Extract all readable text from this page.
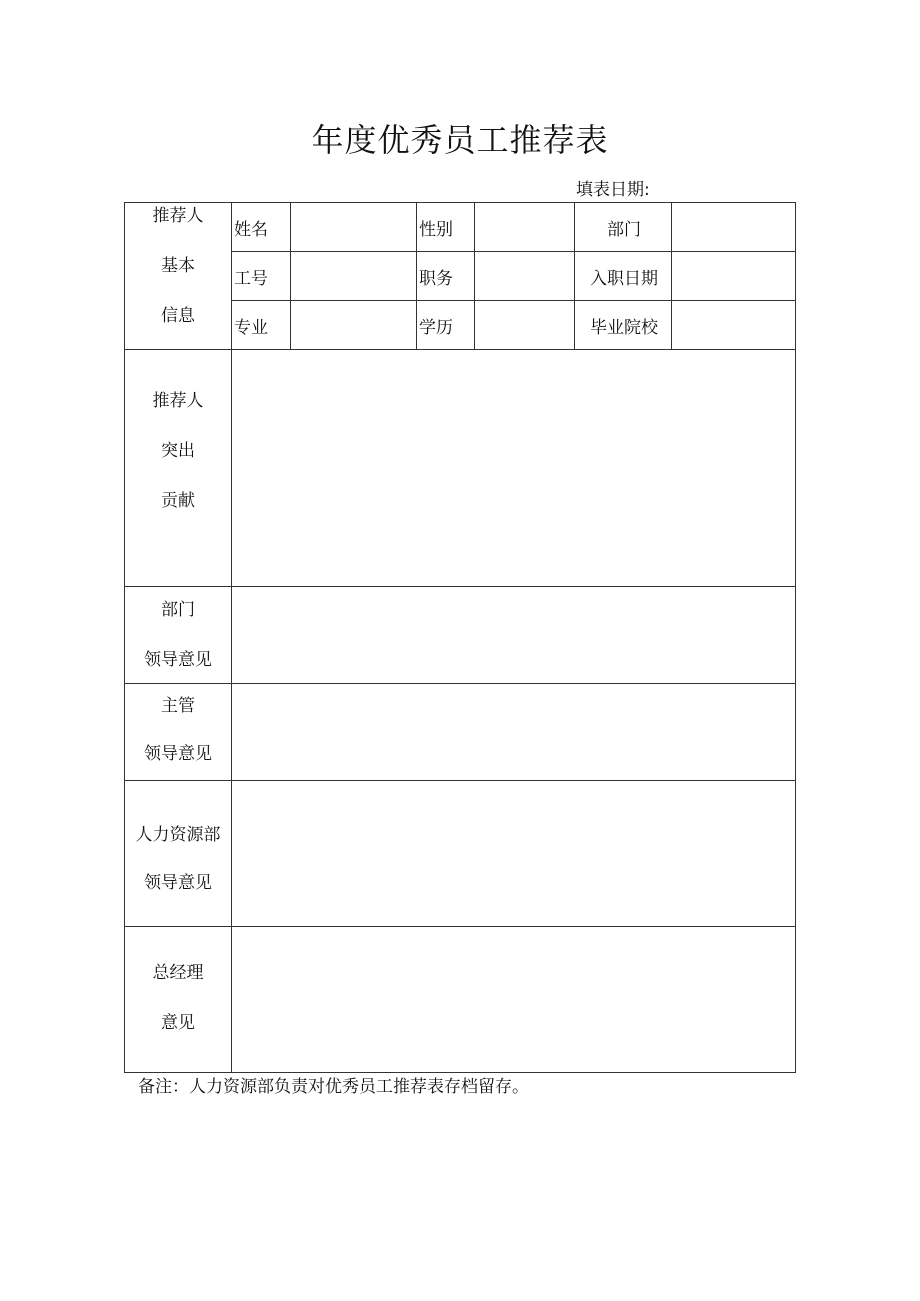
年度优秀员工推荐表
填表日期:
推荐人
基本
信息	姓名		性别		部门	
	工号		职务		入职日期	
	专业		学历		毕业院校	

推荐人
突出
贡献						

部门
领导意见						

主管
领导意见						

人力资源部
领导意见						

总经理
意见						

备注：人力资源部负责对优秀员工推荐表存档留存。
